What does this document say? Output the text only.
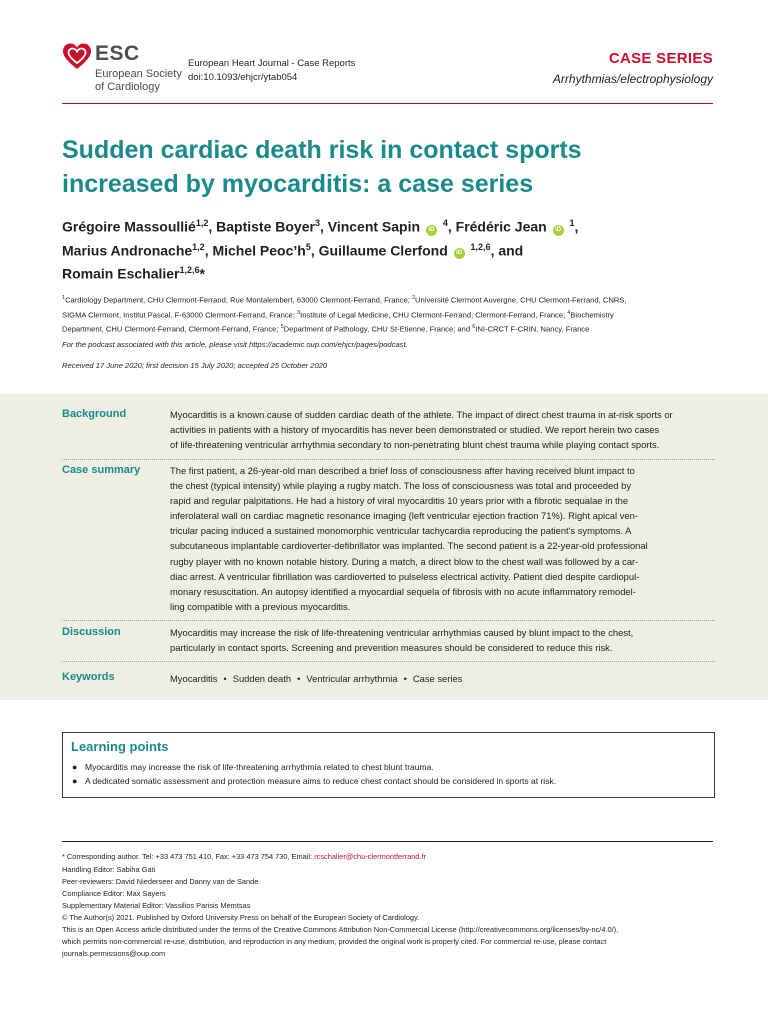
ESC
European Society
of Cardiology
European Heart Journal - Case Reports
doi:10.1093/ehjcr/ytab054
CASE SERIES
Arrhythmias/electrophysiology
Sudden cardiac death risk in contact sports increased by myocarditis: a case series
Grégoire Massoullié$^{1,2}$, Baptiste Boyer$^3$, Vincent Sapin iD $^4$, Frédéric Jean iD $^1$,
Marius Andronache$^{1,2}$, Michel $Peoc’h^5$, Guillaume Clerfond iD $^{1,2,6}$, and
Romain Eschalier$^{1,2,6}$*
$^1$Cardiology Department, CHU Clermont-Ferrand, Rue Montalembert, 63000 Clermont-Ferrand, France; $^2$Université Clermont Auvergne, CHU Clermont-Ferrand, CNRS,
SIGMA Clermont, Institut Pascal, F-63000 Clermont-Ferrand, France; $^3$Institute of Legal Medicine, CHU Clermont-Ferrand, Clermont-Ferrand, France; $^4$Biochemistry
Department, CHU Clermont-Ferrand, Clermont-Ferrand, France; $^5$Department of Pathology, CHU St-Etienne, France; and $^6$INI-CRCT F-CRIN, Nancy, France
For the podcast associated with this article, please visit https://academic.oup.com/ehjcr/pages/podcast.
Received 17 June 2020; first decision 15 July 2020; accepted 25 October 2020
Background	Myocarditis is a known cause of sudden cardiac death of the athlete. The impact of direct chest trauma in at-risk sports or
activities in patients with a history of myocarditis has never been demonstrated or studied. We report herein two cases
of life-threatening ventricular arrhythmia secondary to non-penetrating blunt chest trauma while playing contact sports.
Case summary	The first patient, a 26-year-old man described a brief loss of consciousness after having received blunt impact to
the chest (typical intensity) while playing a rugby match. The loss of consciousness was total and proceeded by
rapid and regular palpitations. He had a history of viral myocarditis 10 years prior with a fibrotic sequalae in the
inferolateral wall on cardiac magnetic resonance imaging (left ventricular ejection fraction 71%). Right apical ven-
tricular pacing induced a sustained monomorphic ventricular tachycardia reproducing the patient's symptoms. A
subcutaneous implantable cardioverter-defibrillator was implanted. The second patient is a 22-year-old professional
rugby player with no known notable history. During a match, a direct blow to the chest wall was followed by a car-
diac arrest. A ventricular fibrillation was cardioverted to pulseless electrical activity. Patient died despite cardiopul-
monary resuscitation. An autopsy identified a myocardial sequela of fibrosis with no acute inflammatory remodel-
ling compatible with a previous myocarditis.
Discussion	Myocarditis may increase the risk of life-threatening ventricular arrhythmias caused by blunt impact to the chest,
particularly in contact sports. Screening and prevention measures should be considered to reduce this risk.
Keywords	Myocarditis • Sudden death • Ventricular arrhythmia • Case series
Learning points
● Myocarditis may increase the risk of life-threatening arrhythmia related to chest blunt trauma.
● A dedicated somatic assessment and protection measure aims to reduce chest contact should be considered in sports at risk.
* Corresponding author. Tel: +33 473 751 410, Fax: +33 473 754 730, Email: rcschalier@chu-clermontferrand.fr
Handling Editor: Sabiha Gati
Peer-reviewers: David Niederseer and Danny van de Sande
Compliance Editor: Max Sayers
Supplementary Material Editor: Vassilios Parisis Memtsas
© The Author(s) 2021. Published by Oxford University Press on behalf of the European Society of Cardiology.
This is an Open Access article distributed under the terms of the Creative Commons Attribution Non-Commercial License (http://creativecommons.org/licenses/by-nc/4.0/),
which permits non-commercial re-use, distribution, and reproduction in any medium, provided the original work is properly cited. For commercial re-use, please contact
journals.permissions@oup.com
